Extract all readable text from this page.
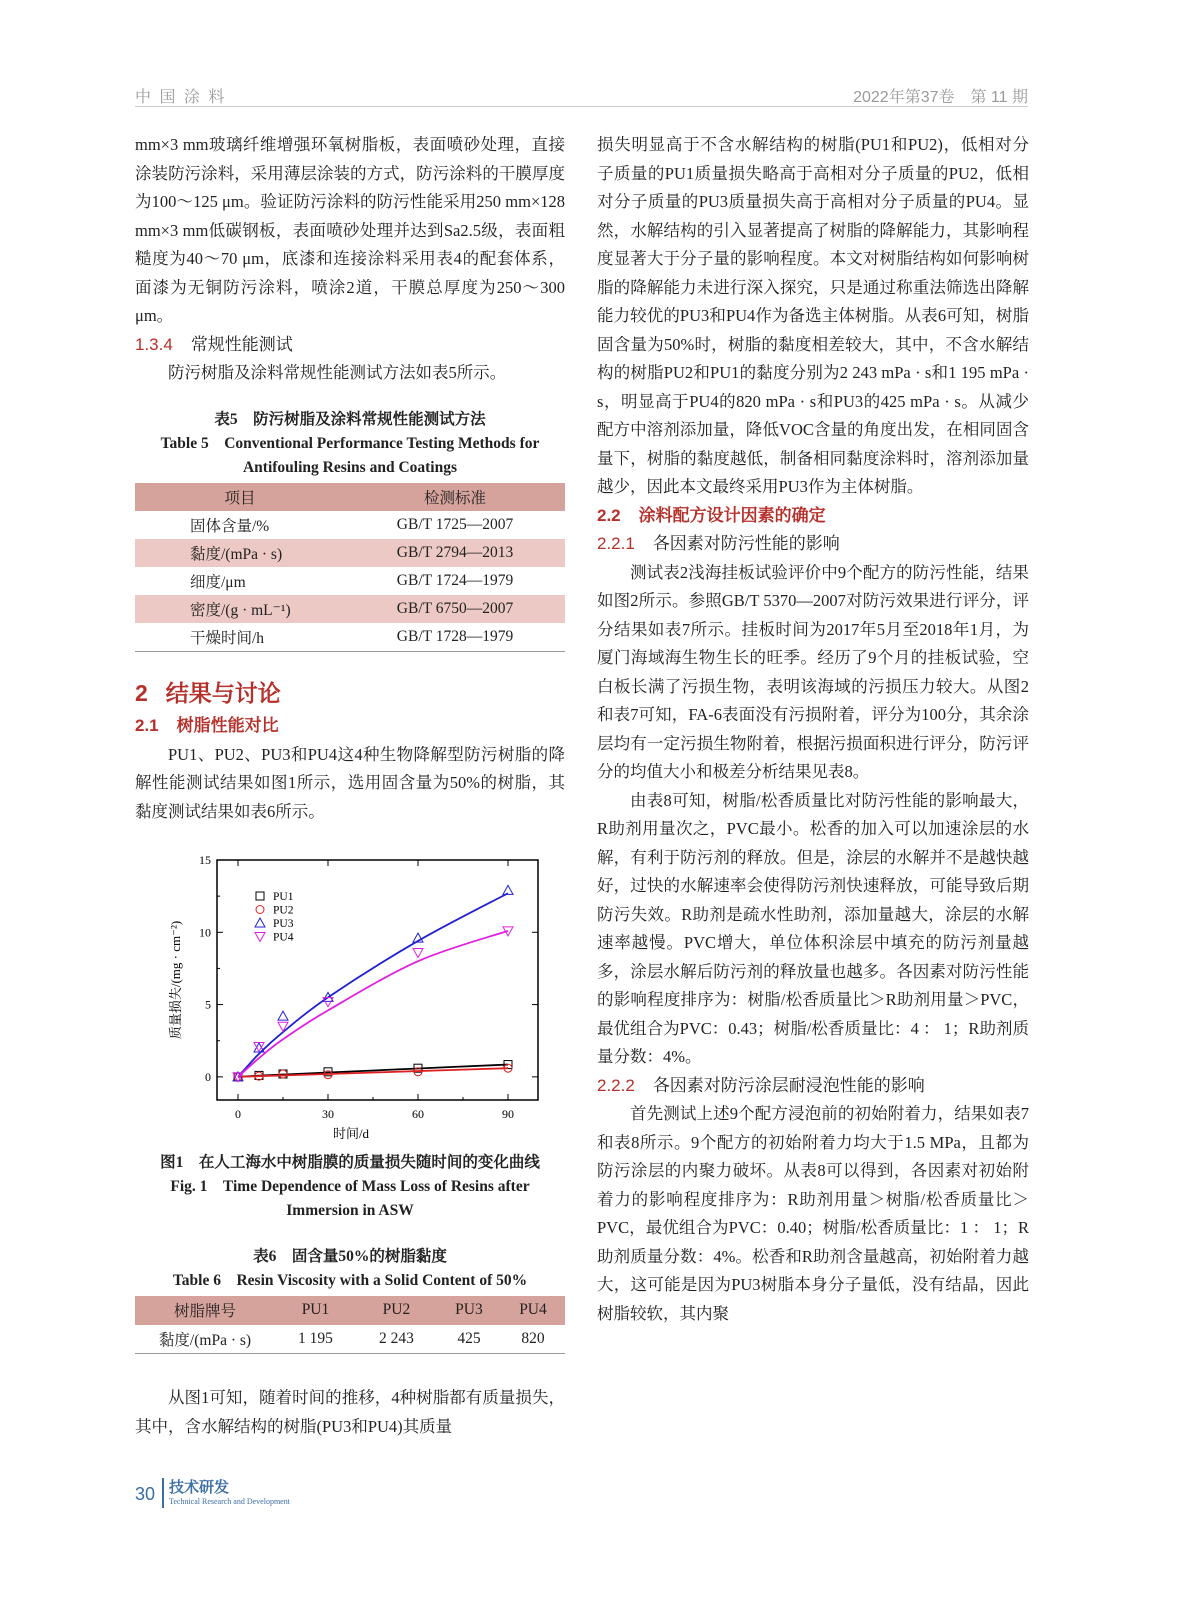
中 国 涂 料	2022年第37卷　第 11 期

mm×3 mm玻璃纤维增强环氧树脂板，表面喷砂处理，直接涂装防污涂料，采用薄层涂装的方式，防污涂料的干膜厚度为100～125 μm。验证防污涂料的防污性能采用250 mm×128 mm×3 mm低碳钢板，表面喷砂处理并达到Sa2.5级，表面粗糙度为40～70 μm，底漆和连接涂料采用表4的配套体系，面漆为无铜防污涂料，喷涂2道，干膜总厚度为250～300 μm。

1.3.4 常规性能测试

防污树脂及涂料常规性能测试方法如表5所示。

表5　防污树脂及涂料常规性能测试方法
Table 5　Conventional Performance Testing Methods for
Antifouling Resins and Coatings
项目	检测标准
固体含量/%	GB/T 1725—2007
黏度/(mPa · s)	GB/T 2794—2013
细度/μm	GB/T 1724—1979
密度/(g · mL⁻¹)	GB/T 6750—2007
干燥时间/h	GB/T 1728—1979

2 结果与讨论

2.1 树脂性能对比

PU1、PU2、PU3和PU4这4种生物降解型防污树脂的降解性能测试结果如图1所示，选用固含量为50%的树脂，其黏度测试结果如表6所示。

0	30	60	90
0
5
10
15
时间/d
质量损失/(mg · cm⁻²)
PU1
PU2
PU3
PU4
图1　在人工海水中树脂膜的质量损失随时间的变化曲线
Fig. 1　Time Dependence of Mass Loss of Resins after
Immersion in ASW
表6　固含量50%的树脂黏度
Table 6　Resin Viscosity with a Solid Content of 50%
树脂牌号	PU1	PU2	PU3	PU4
黏度/(mPa · s)	1 195	2 243	425	820

从图1可知，随着时间的推移，4种树脂都有质量损失，其中，含水解结构的树脂(PU3和PU4)其质量

损失明显高于不含水解结构的树脂(PU1和PU2)，低相对分子质量的PU1质量损失略高于高相对分子质量的PU2，低相对分子质量的PU3质量损失高于高相对分子质量的PU4。显然，水解结构的引入显著提高了树脂的降解能力，其影响程度显著大于分子量的影响程度。本文对树脂结构如何影响树脂的降解能力未进行深入探究，只是通过称重法筛选出降解能力较优的PU3和PU4作为备选主体树脂。从表6可知，树脂固含量为50%时，树脂的黏度相差较大，其中，不含水解结构的树脂PU2和PU1的黏度分别为2 243 mPa · s和1 195 mPa · s，明显高于PU4的820 mPa · s和PU3的425 mPa · s。从减少配方中溶剂添加量，降低VOC含量的角度出发，在相同固含量下，树脂的黏度越低，制备相同黏度涂料时，溶剂添加量越少，因此本文最终采用PU3作为主体树脂。

2.2 涂料配方设计因素的确定

2.2.1 各因素对防污性能的影响

测试表2浅海挂板试验评价中9个配方的防污性能，结果如图2所示。参照GB/T 5370—2007对防污效果进行评分，评分结果如表7所示。挂板时间为2017年5月至2018年1月，为厦门海域海生物生长的旺季。经历了9个月的挂板试验，空白板长满了污损生物，表明该海域的污损压力较大。从图2和表7可知，FA-6表面没有污损附着，评分为100分，其余涂层均有一定污损生物附着，根据污损面积进行评分，防污评分的均值大小和极差分析结果见表8。

由表8可知，树脂/松香质量比对防污性能的影响最大，R助剂用量次之，PVC最小。松香的加入可以加速涂层的水解，有利于防污剂的释放。但是，涂层的水解并不是越快越好，过快的水解速率会使得防污剂快速释放，可能导致后期防污失效。R助剂是疏水性助剂，添加量越大，涂层的水解速率越慢。PVC增大，单位体积涂层中填充的防污剂量越多，涂层水解后防污剂的释放量也越多。各因素对防污性能的影响程度排序为：树脂/松香质量比＞R助剂用量＞PVC，最优组合为PVC：0.43；树脂/松香质量比：4 ： 1；R助剂质量分数：4%。

2.2.2 各因素对防污涂层耐浸泡性能的影响

首先测试上述9个配方浸泡前的初始附着力，结果如表7和表8所示。9个配方的初始附着力均大于1.5 MPa，且都为防污涂层的内聚力破坏。从表8可以得到，各因素对初始附着力的影响程度排序为：R助剂用量＞树脂/松香质量比＞PVC，最优组合为PVC：0.40；树脂/松香质量比：1 ： 1；R助剂质量分数：4%。松香和R助剂含量越高，初始附着力越大，这可能是因为PU3树脂本身分子量低，没有结晶，因此树脂较软，其内聚

30 技术研发
Technical Research and Development
